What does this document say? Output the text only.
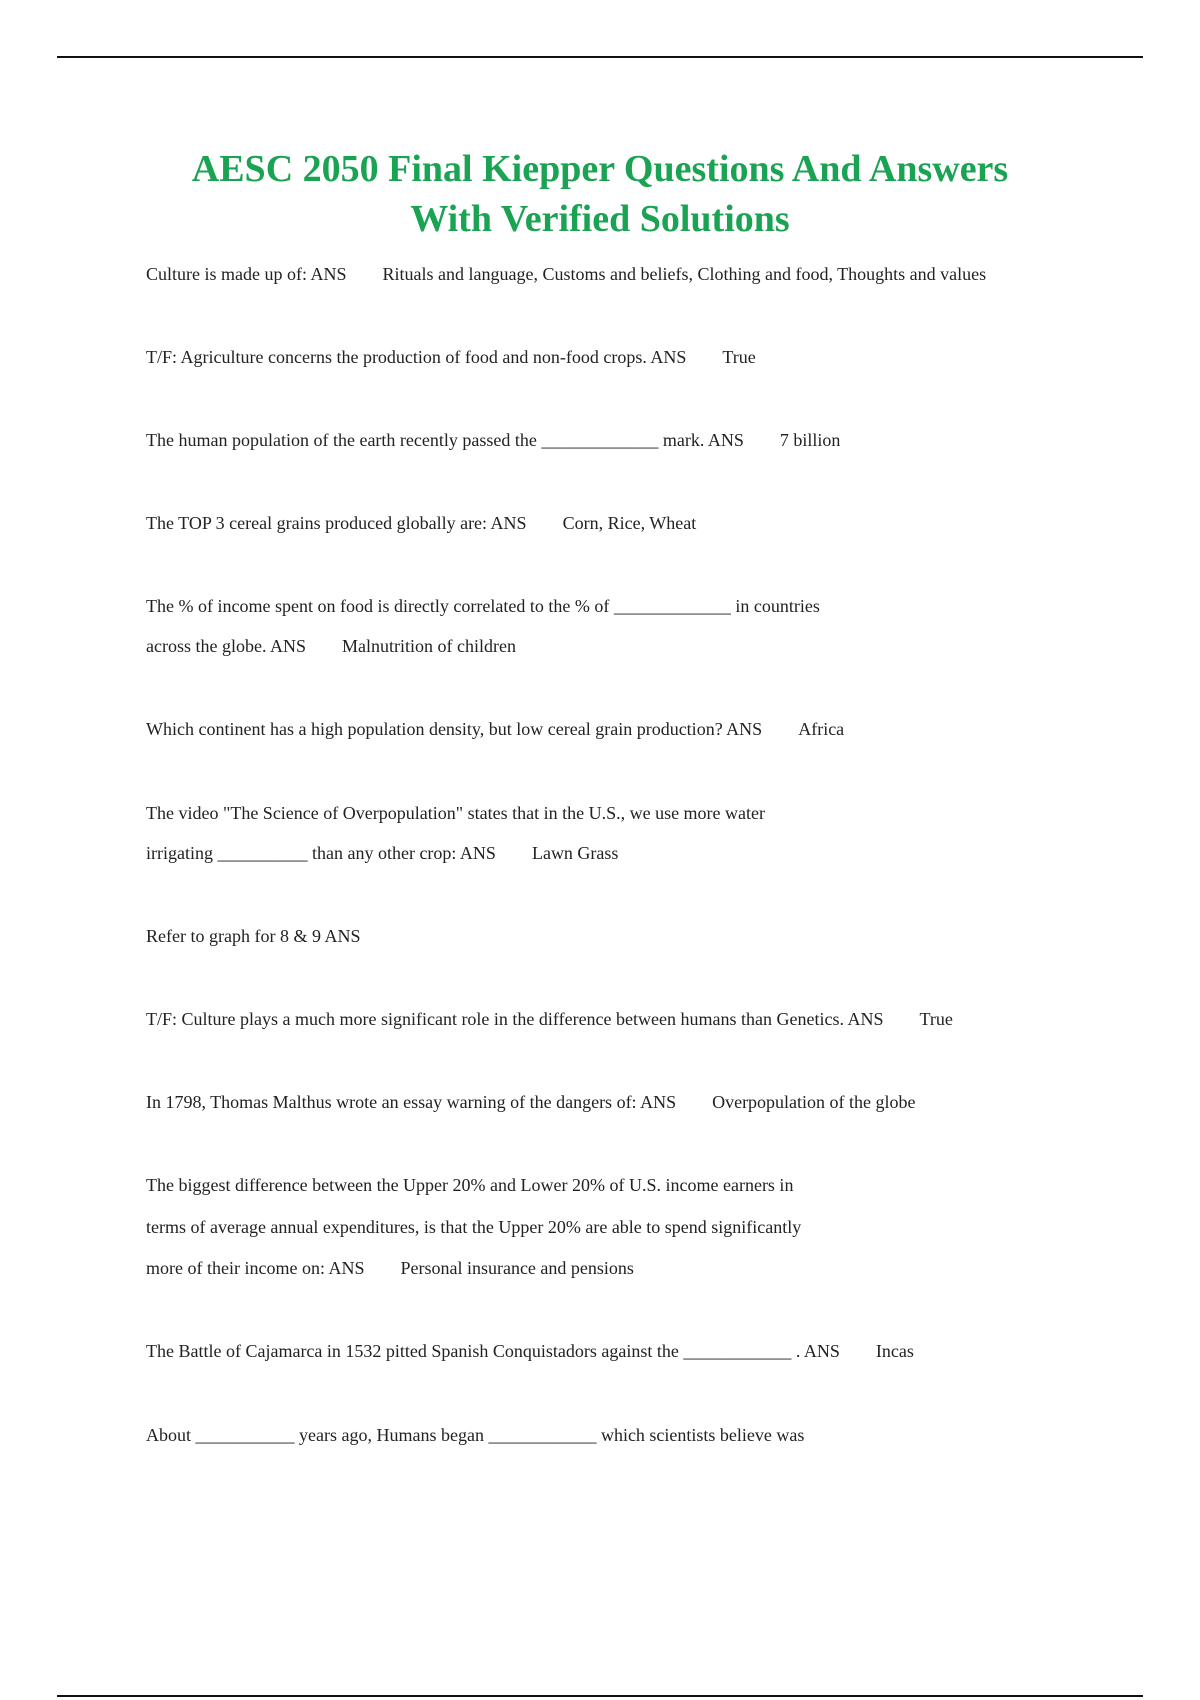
AESC 2050 Final Kiepper Questions And Answers
With Verified Solutions
Culture is made up of: ANS Rituals and language, Customs and beliefs, Clothing and food, Thoughts and values
T/F: Agriculture concerns the production of food and non-food crops. ANS True
The human population of the earth recently passed the _____________ mark. ANS 7 billion
The TOP 3 cereal grains produced globally are: ANS Corn, Rice, Wheat
The % of income spent on food is directly correlated to the % of _____________ in countries
across the globe. ANS Malnutrition of children
Which continent has a high population density, but low cereal grain production? ANS Africa
The video "The Science of Overpopulation" states that in the U.S., we use more water
irrigating __________ than any other crop: ANS Lawn Grass
Refer to graph for 8 & 9 ANS
T/F: Culture plays a much more significant role in the difference between humans than Genetics. ANS True
In 1798, Thomas Malthus wrote an essay warning of the dangers of: ANS Overpopulation of the globe
The biggest difference between the Upper 20% and Lower 20% of U.S. income earners in
terms of average annual expenditures, is that the Upper 20% are able to spend significantly
more of their income on: ANS Personal insurance and pensions
The Battle of Cajamarca in 1532 pitted Spanish Conquistadors against the ____________ . ANS Incas
About ___________ years ago, Humans began ____________ which scientists believe was
